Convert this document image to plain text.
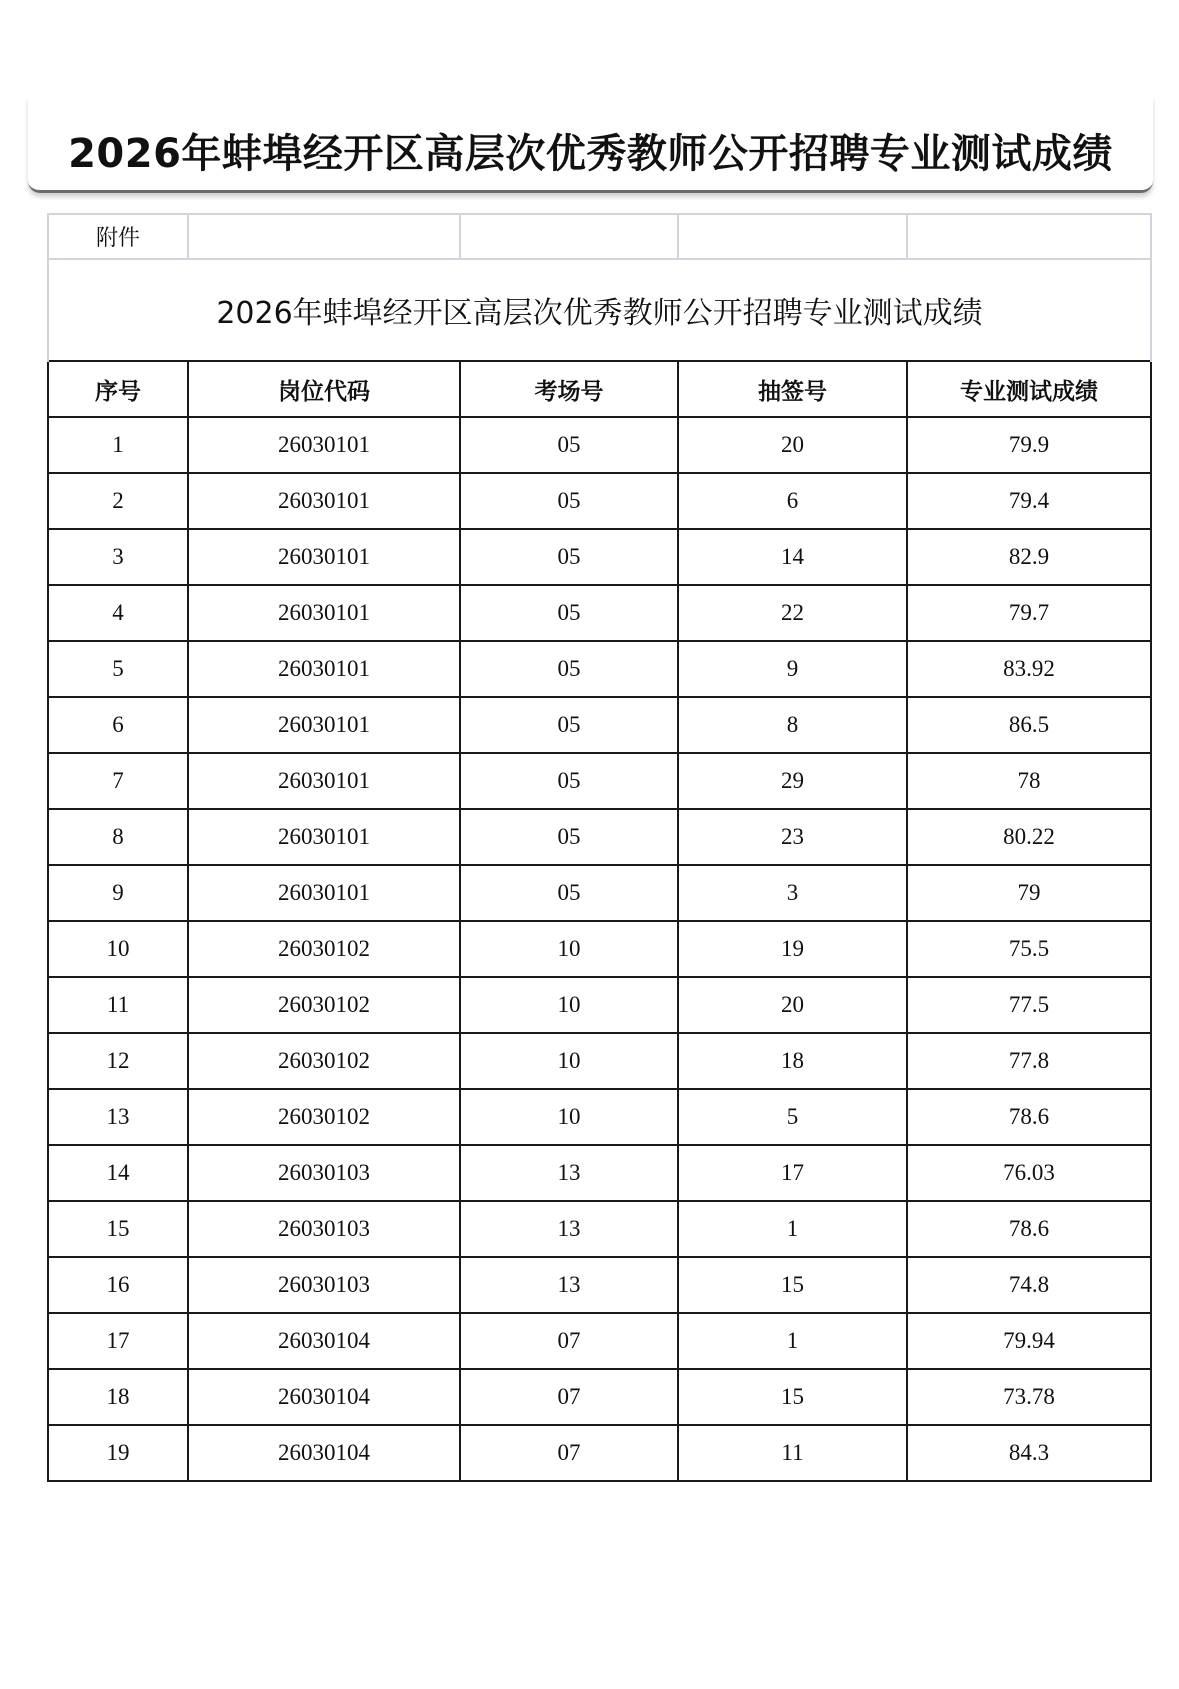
2026年蚌埠经开区高层次优秀教师公开招聘专业测试成绩
附件				
2026年蚌埠经开区高层次优秀教师公开招聘专业测试成绩				
序号	岗位代码	考场号	抽签号	专业测试成绩
1	26030101	05	20	79.9
2	26030101	05	6	79.4
3	26030101	05	14	82.9
4	26030101	05	22	79.7
5	26030101	05	9	83.92
6	26030101	05	8	86.5
7	26030101	05	29	78
8	26030101	05	23	80.22
9	26030101	05	3	79
10	26030102	10	19	75.5
11	26030102	10	20	77.5
12	26030102	10	18	77.8
13	26030102	10	5	78.6
14	26030103	13	17	76.03
15	26030103	13	1	78.6
16	26030103	13	15	74.8
17	26030104	07	1	79.94
18	26030104	07	15	73.78
19	26030104	07	11	84.3
